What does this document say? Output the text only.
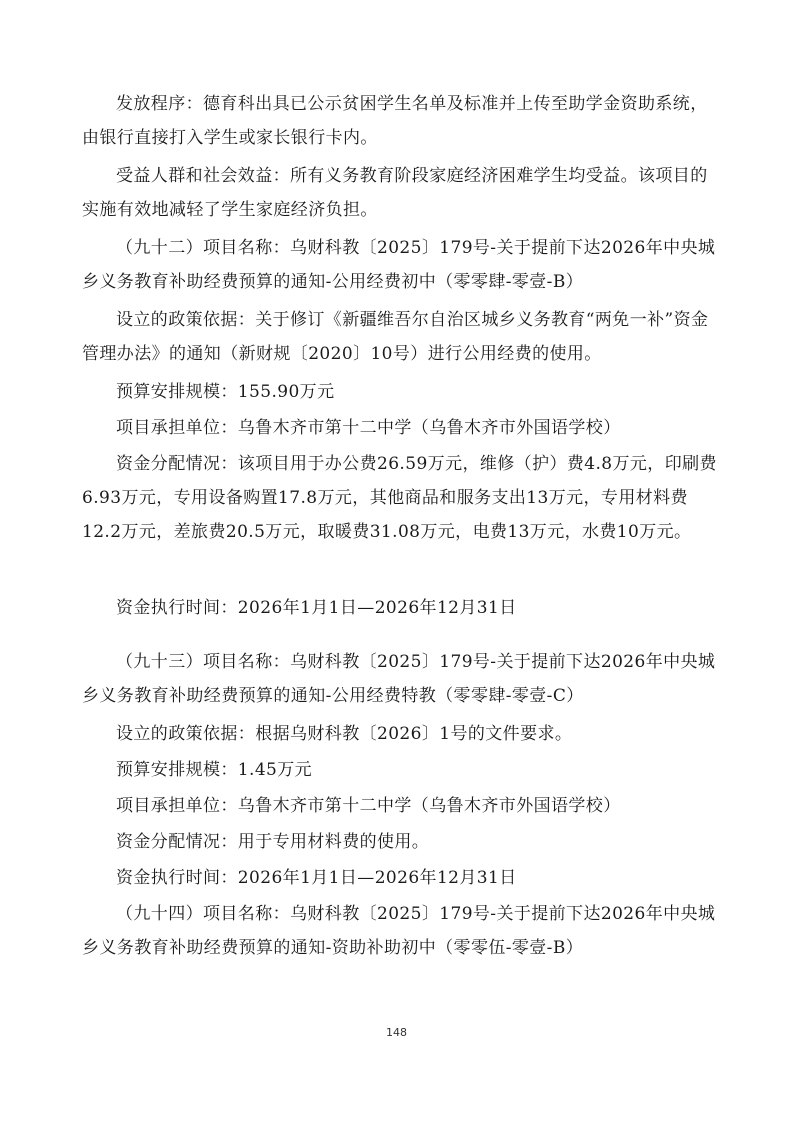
发放程序：德育科出具已公示贫困学生名单及标准并上传至助学金资助系统，由银行直接打入学生或家长银行卡内。

受益人群和社会效益：所有义务教育阶段家庭经济困难学生均受益。该项目的实施有效地减轻了学生家庭经济负担。

（九十二）项目名称：乌财科教〔2025〕179号-关于提前下达2026年中央城乡义务教育补助经费预算的通知-公用经费初中（零零肆-零壹-B）

设立的政策依据：关于修订《新疆维吾尔自治区城乡义务教育“两免一补”资金管理办法》的通知（新财规〔2020〕10号）进行公用经费的使用。

预算安排规模：155.90万元

项目承担单位：乌鲁木齐市第十二中学（乌鲁木齐市外国语学校）

资金分配情况：该项目用于办公费26.59万元，维修（护）费4.8万元，印刷费6.93万元，专用设备购置17.8万元，其他商品和服务支出13万元，专用材料费12.2万元，差旅费20.5万元，取暖费31.08万元，电费13万元，水费10万元。

资金执行时间：2026年1月1日—2026年12月31日

（九十三）项目名称：乌财科教〔2025〕179号-关于提前下达2026年中央城乡义务教育补助经费预算的通知-公用经费特教（零零肆-零壹-C）

设立的政策依据：根据乌财科教〔2026〕1号的文件要求。

预算安排规模：1.45万元

项目承担单位：乌鲁木齐市第十二中学（乌鲁木齐市外国语学校）

资金分配情况：用于专用材料费的使用。

资金执行时间：2026年1月1日—2026年12月31日

（九十四）项目名称：乌财科教〔2025〕179号-关于提前下达2026年中央城乡义务教育补助经费预算的通知-资助补助初中（零零伍-零壹-B）

148
